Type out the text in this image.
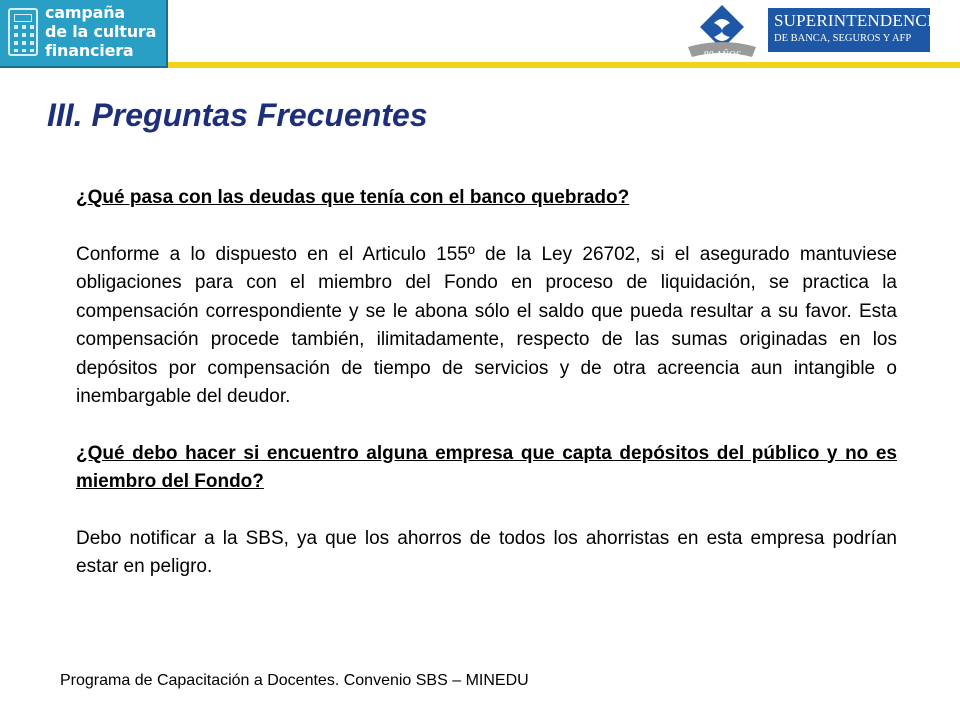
campaña
de la cultura
financiera	80 AÑOS
SUPERINTENDENCIA
DE BANCA, SEGUROS Y AFP
III. Preguntas Frecuentes
¿Qué pasa con las deudas que tenía con el banco quebrado?
Conforme a lo dispuesto en el Articulo 155º de la Ley 26702, si el asegurado mantuviese obligaciones para con el miembro del Fondo en proceso de liquidación, se practica la compensación correspondiente y se le abona sólo el saldo que pueda resultar a su favor. Esta compensación procede también, ilimitadamente, respecto de las sumas originadas en los depósitos por compensación de tiempo de servicios y de otra acreencia aun intangible o inembargable del deudor.
¿Qué debo hacer si encuentro alguna empresa que capta depósitos del público y no es miembro del Fondo?
Debo notificar a la SBS, ya que los ahorros de todos los ahorristas en esta empresa podrían estar en peligro.
Programa de Capacitación a Docentes. Convenio SBS – MINEDU
